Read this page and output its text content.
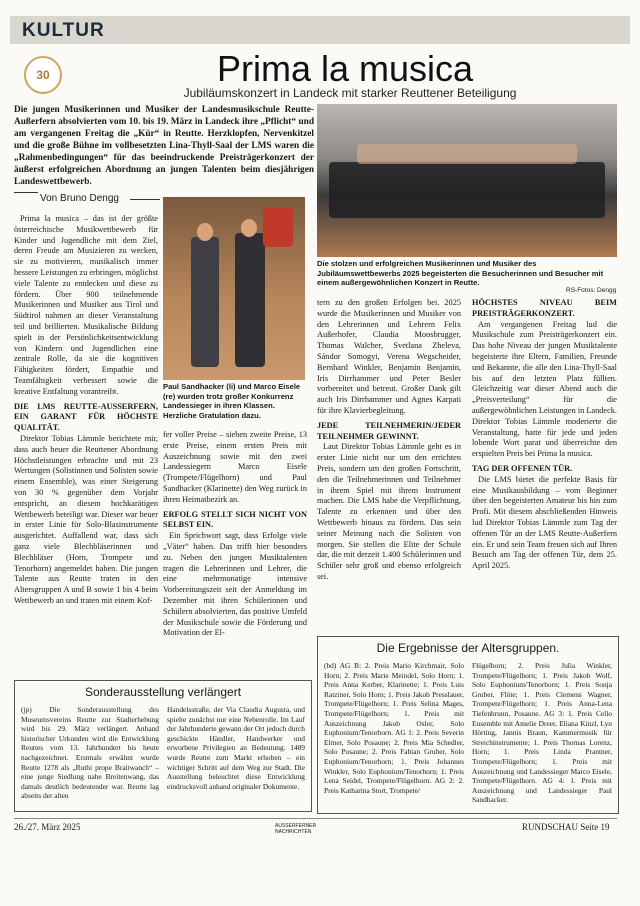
KULTUR
30	Prima la musica
Jubiläumskonzert in Landeck mit starker Reuttener Beteiligung
Die jungen Musikerinnen und Musiker der Landesmusikschule Reutte-Außerfern absolvierten vom 10. bis 19. März in Landeck ihre „Pflicht“ und am vergangenen Freitag die „Kür“ in Reutte. Herzklopfen, Nervenkitzel und die große Bühne im vollbesetzten Lina-Thyll-Saal der LMS waren die „Rahmenbedingungen“ für das beeindruckende Preisträgerkonzert der äußerst erfolgreichen Abordnung an jungen Talenten beim diesjährigen Landeswettbewerb.
Von Bruno Dengg

Prima la musica – das ist der größte österreichische Musikwettbewerb für Kinder und Jugendliche mit dem Ziel, deren Freude am Musizieren zu wecken, sie zu motivieren, musikalisch immer bessere Leistungen zu erbringen, möglichst viele Talente zu entdecken und diese zu fördern. Über 900 teilnehmende Musikerinnen und Musiker aus Tirol und Südtirol nahmen an dieser Veranstaltung teil und brillierten. Musikalische Bildung spielt in der Persönlichkeitsentwicklung von Kindern und Jugendlichen eine zentrale Rolle, da sie die kognitiven Fähigkeiten fördert, Empathie und Teamfähigkeit verbessert sowie die kreative Entfaltung vorantreibt.

DIE LMS REUTTE-AUSSERFERN, EIN GARANT FÜR HÖCHSTE QUALITÄT.

Direktor Tobias Lämmle berichtete mir, dass auch heuer die Reuttener Abordnung Höchstleistungen erbrachte und mit 23 Wertungen (Solistinnen und Solisten sowie einem Ensemble), was einer Steigerung von 30 % gegenüber dem Vorjahr entspricht, an diesem hochkarätigen Wettbewerb beteiligt war. Dieser war heuer in erster Linie für Solo-Blasinstrumente ausgerichtet. Auffallend war, dass sich ganz viele Blechbläserinnen und Blechbläser (Horn, Trompete und Tenorhorn) angemeldet haben. Die jungen Talente aus Reutte traten in den Altersgruppen A und B sowie 1 bis 4 beim Wettbewerb an und traten mit einem Kof-

Paul Sandhacker (li) und Marco Eisele (re) wurden trotz großer Konkurrenz Landessieger in ihren Klassen. Herzliche Gratulation dazu.
Die stolzen und erfolgreichen Musikerinnen und Musiker des Jubiläumswettbewerbs 2025 begeisterten die Besucherinnen und Besucher mit einem außergewöhnlichen Konzert in Reutte.
RS-Fotos: Dengg

fer voller Preise – sieben zweite Preise, 13 erste Preise, einem ersten Preis mit Auszeichnung sowie mit den zwei Landessiegern Marco Eisele (Trompete/Flügelhorn) und Paul Sandhacker (Klarinette) den Weg zurück in ihren Heimatbezirk an.

ERFOLG STELLT SICH NICHT VON SELBST EIN.

Ein Sprichwort sagt, dass Erfolge viele „Väter“ haben. Das trifft hier besonders zu. Neben den jungen Musiktalenten tragen die Lehrerinnen und Lehrer, die eine mehrmonatige intensive Vorbereitungszeit seit der Anmeldung im Dezember mit ihren Schülerinnen und Schülern absolvierten, das positive Umfeld der Musikschule sowie die Förderung und Motivation der El-

tern zu den großen Erfolgen bei. 2025 wurde die Musikerinnen und Musiker von den Lehrerinnen und Lehrern Felix Außerhofer, Claudia Moosbrugger, Thomas Walcher, Svetlana Zheleva, Sándor Somogyi, Verena Wegscheider, Bernhard Winkler, Benjamin Benjamin, Iris Dirrhammer und Peter Besler vorbereitet und betreut. Großer Dank gilt auch Iris Dirrhammer und Agnes Karpati für ihre Klavierbegleitung.

JEDE TEILNEHMERIN/JEDER TEILNEHMER GEWINNT.

Laut Direktor Tobias Lämmle geht es in erster Linie nicht nur um den errichten Preis, sondern um den großen Fortschritt, den die Teilnehmerinnen und Teilnehmer in ihrem Spiel mit ihrem Instrument machen. Die LMS habe die Verpflichtung, Talente zu erkennen und über den Wettbewerb hinaus zu fördern. Das sein seiner Meinung nach die Solisten von morgen. Sie stellen die Elite der Schule dar, die mit derzeit 1.400 Schülerinnen und Schüler sehr groß und ebenso erfolgreich sei.

HÖCHSTES NIVEAU BEIM PREISTRÄGERKONZERT.

Am vergangenen Freitag lud die Musikschule zum Preisträgerkonzert ein. Das hohe Niveau der jungen Musiktalente begeisterte ihre Eltern, Familien, Freunde und Bekannte, die alle den Lina-Thyll-Saal bis auf den letzten Platz füllten. Gleichzeitig war dieser Abend auch die „Preisverteilung“ für die außergewöhnlichen Leistungen in Landeck. Direktor Tobias Lämmle moderierte die Veranstaltung, hatte für jede und jeden lobende Wort parat und überreichte den erspielten Preis bei Prima la musica.

TAG DER OFFENEN TÜR.

Die LMS bietet die perfekte Basis für eine Musikausbildung – vom Beginner über den begeisterten Amateur bis hin zum Profi. Mit diesem abschließenden Hinweis lud Direktor Tobias Lämmle zum Tag der offenen Tür an der LMS Reutte-Außerfern ein. Er und sein Team freuen sich auf Ihren Besuch am Tag der offenen Tür, dem 25. April 2025.

Sonderausstellung verlängert
(jp) Die Sonderausstellung des Museumsvereins Reutte zur Stadterhebung wird bis 29. März verlängert. Anhand historischer Urkunden wird die Entwicklung Reuttes vom 13. Jahrhundert bis heute nachgezeichnet. Erstmals erwähnt wurde Reutte 1278 als „Ruthi prope Braitwanch“ – eine junge Siedlung nahe Breitenwang, das damals deutlich bedeutender war. Reutte lag abseits der alten
Handelsstraße, der Via Claudia Augusta, und spielte zunächst nur eine Nebenrolle. Im Lauf der Jahrhunderte gewann der Ort jedoch durch geschickte Händler, Handwerker und erworbene Privilegien an Bedeutung. 1489 wurde Reutte zum Markt erhoben – ein wichtiger Schritt auf dem Weg zur Stadt. Die Ausstellung beleuchtet diese Entwicklung eindrucksvoll anhand originaler Dokumente.
Die Ergebnisse der Altersgruppen.
(bd) AG B: 2. Preis Mario Kirchmair, Solo Horn; 2. Preis Marie Meindel, Solo Horn; 1. Preis Anna Kerber, Klarinette; 1. Preis Luis Ratziner, Solo Horn; 1. Preis Jakob Presslauer, Trompete/Flügelhorn; 1. Preis Selina Mages, Trompete/Flügelhorn; 1. Preis mit Auszeichnung Jakob Osler, Solo Euphonium/Tenorhorn. AG 1: 2. Preis Severin Elmer, Solo Posaune; 2. Preis Mia Schedler, Solo Posaune; 2. Preis Fabian Gruber, Solo Euphonium/Tenorhorn; 1. Preis Johannes Winkler, Solo Euphonium/Tenorhorn; 1. Preis Lena Seidel, Trompete/Flügelhorn. AG 2: 2. Preis Katharina Stort, Trompete/
Flügelhorn; 2. Preis Julia Winkler, Trompete/Flügelhorn; 1. Preis Jakob Wolf, Solo Euphonium/Tenorhorn; 1. Preis Sonja Gruber, Flöte; 1. Preis Clemens Wagner, Trompete/Flügelhorn; 1. Preis Anna-Lena Tiefenbrunn, Posaune. AG 3: 1. Preis Cello Ensemble mit Amelie Dreer, Eliana Kinzl, Lyn Hörting, Jannis Braun, Kammermusik für Streichinstrumente; 1. Preis Thomas Lorenz, Horn; 1. Preis Linda Prantner, Trompete/Flügelhorn; 1. Preis mit Auszeichnung und Landessieger Marco Eisele, Trompete/Flügelhorn. AG 4: 1. Preis mit Auszeichnung und Landessieger Paul Sandhacker.
26./27. März 2025	AUSSERFERNER NACHRICHTEN	RUNDSCHAU Seite 19
